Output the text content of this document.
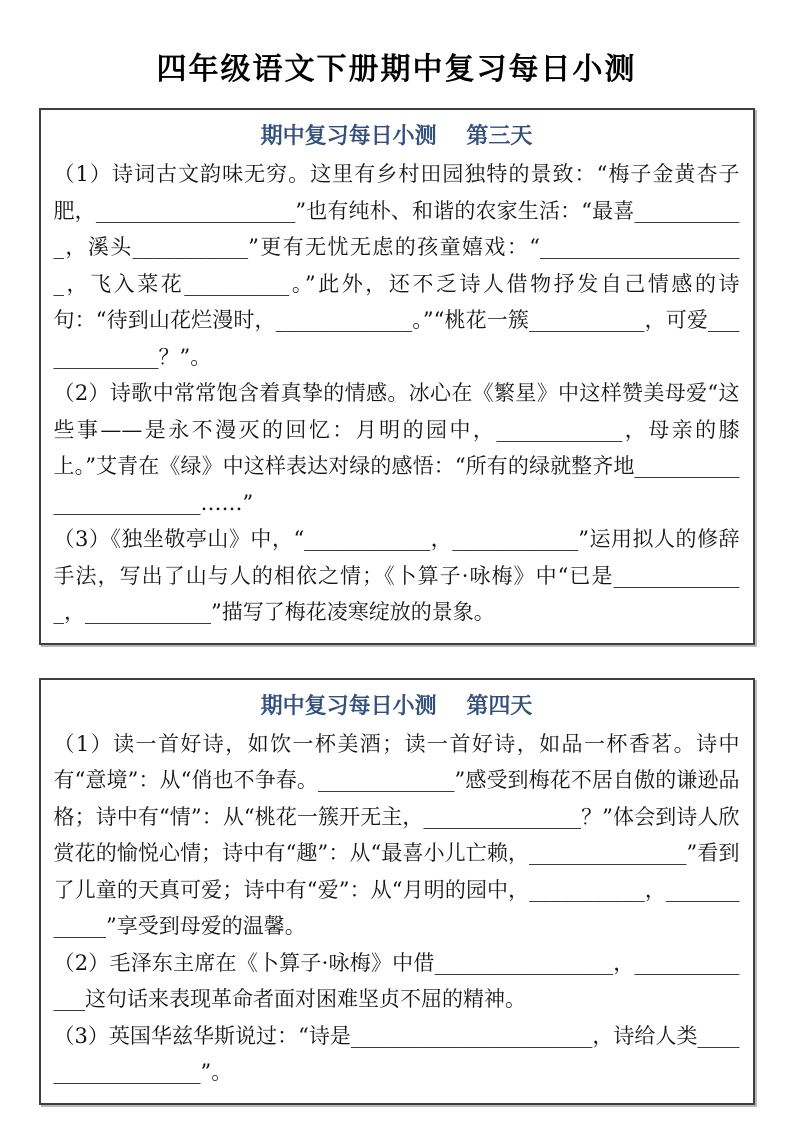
四年级语文下册期中复习每日小测
期中复习每日小测 第三天

（1）诗词古文韵味无穷。这里有乡村田园独特的景致：“梅子金黄杏子肥，___________________”也有纯朴、和谐的农家生活：“最喜___________，溪头___________”更有无忧无虑的孩童嬉戏：“____________________，飞入菜花__________。”此外，还不乏诗人借物抒发自己情感的诗句：“待到山花烂漫时，_____________。”“桃花一簇___________，可爱_____________？”。

（2）诗歌中常常饱含着真挚的情感。冰心在《繁星》中这样赞美母爱“这些事——是永不漫灭的回忆：月明的园中，____________，母亲的膝上。”艾青在《绿》中这样表达对绿的感悟：“所有的绿就整齐地________________________……”

（3）《独坐敬亭山》中，“____________，____________”运用拟人的修辞手法，写出了山与人的相依之情；《卜算子·咏梅》中“已是_____________，____________”描写了梅花凌寒绽放的景象。

期中复习每日小测 第四天

（1）读一首好诗，如饮一杯美酒；读一首好诗，如品一杯香茗。诗中有“意境”：从“俏也不争春。_____________”感受到梅花不居自傲的谦逊品格；诗中有“情”：从“桃花一簇开无主，_______________？”体会到诗人欣赏花的愉悦心情；诗中有“趣”：从“最喜小儿亡赖，_______________”看到了儿童的天真可爱；诗中有“爱”：从“月明的园中，___________，____________”享受到母爱的温馨。

（2）毛泽东主席在《卜算子·咏梅》中借_________________，_____________这句话来表现革命者面对困难坚贞不屈的精神。

（3）英国华兹华斯说过：“诗是_______________________，诗给人类__________________”。
